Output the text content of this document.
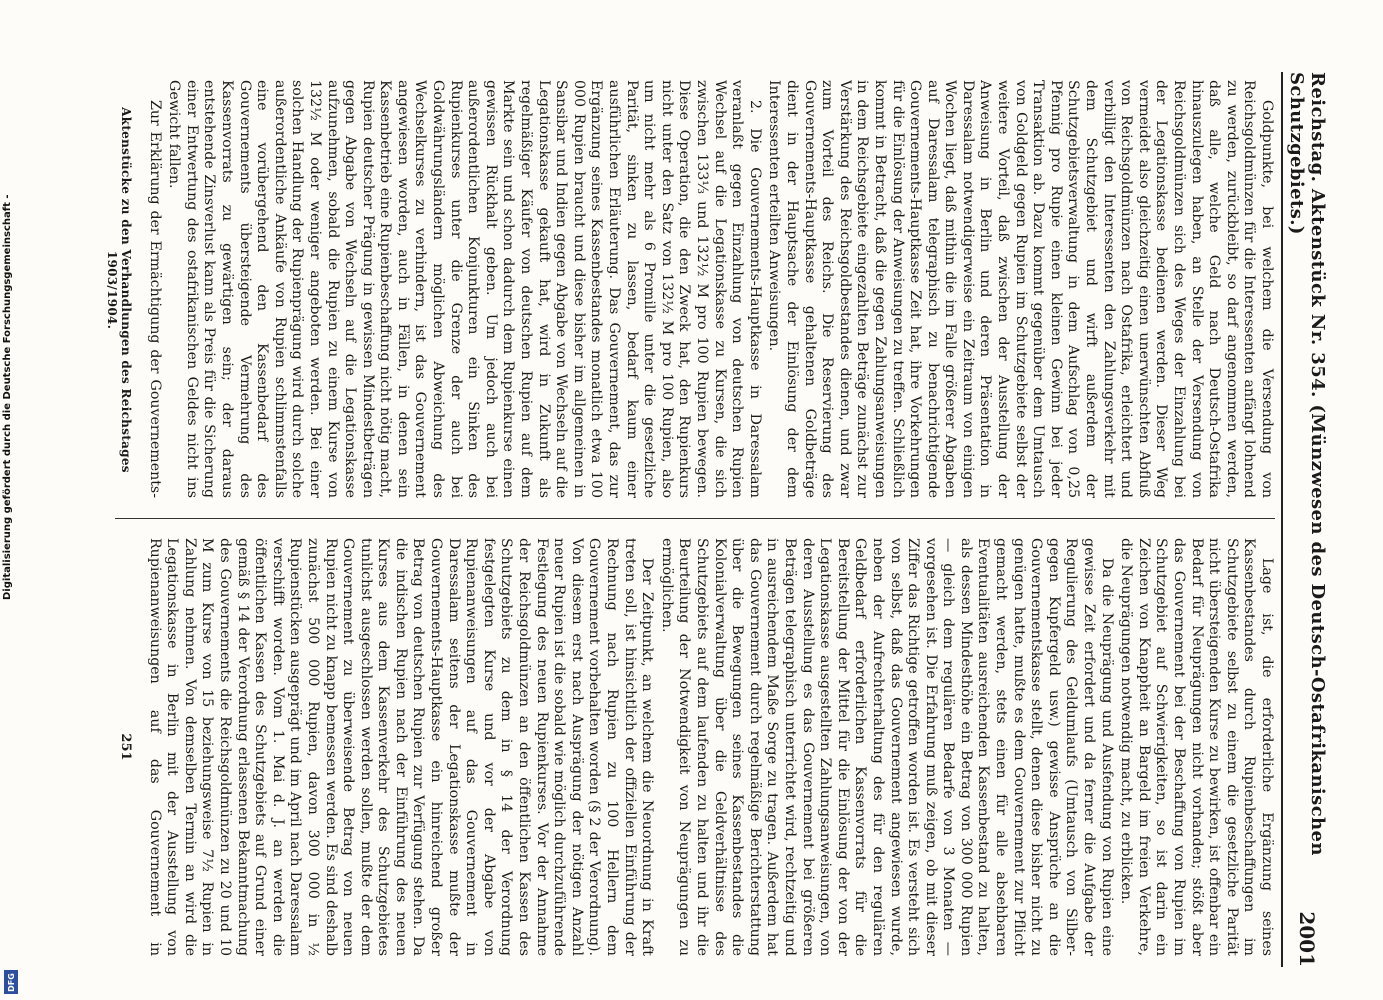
Reichstag. Aktenstück Nr. 354. (Münzwesen des Deutsch-Ostafrikanischen Schutzgebiets.)
2001

Goldpunkte, bei welchem die Versendung von Reichsgoldmünzen für die Interessenten anfängt lohnend zu werden, zurückbleibt, so darf angenommen werden, daß alle, welche Geld nach Deutsch-Ostafrika hinauszulegen haben, an Stelle der Versendung von Reichsgoldmünzen sich des Weges der Einzahlung bei der Legationskasse bedienen werden. Dieser Weg vermeidet also gleichzeitig einen unerwünschten Abfluß von Reichsgoldmünzen nach Ostafrika, erleichtert und verbilligt den Interessenten den Zahlungsverkehr mit dem Schutzgebiet und wirft außerdem der Schutzgebietsverwaltung in dem Aufschlag von 0,25 Pfennig pro Rupie einen kleinen Gewinn bei jeder Transaktion ab. Dazu kommt gegenüber dem Umtausch von Goldgeld gegen Rupien im Schutzgebiete selbst der weitere Vorteil, daß zwischen der Ausstellung der Anweisung in Berlin und deren Präsentation in Daressalam notwendigerweise ein Zeitraum von einigen Wochen liegt, daß mithin die im Falle größerer Abgaben auf Daressalam telegraphisch zu benachrichtigende Gouvernements-Hauptkasse Zeit hat, ihre Vorkehrungen für die Einlösung der Anweisungen zu treffen. Schließlich kommt in Betracht, daß die gegen Zahlungsanweisungen in dem Reichsgebiete eingezahlten Beträge zunächst zur Verstärkung des Reichsgoldbestandes dienen, und zwar zum Vorteil des Reichs. Die Reservierung des Gouvernements-Hauptkasse gehaltenen Goldbeträge dient in der Hauptsache der Einlösung der dem Interessenten erteilten Anweisungen.

2. Die Gouvernements-Hauptkasse in Daressalam veranlaßt gegen Einzahlung von deutschen Rupien Wechsel auf die Legationskasse zu Kursen, die sich zwischen 133⅓ und 132½ M pro 100 Rupien bewegen. Diese Operation, die den Zweck hat, den Rupienkurs nicht unter den Satz von 132½ M pro 100 Rupien, also um nicht mehr als 6 Promille unter die gesetzliche Parität, sinken zu lassen, bedarf kaum einer ausführlichen Erläuterung. Das Gouvernement, das zur Ergänzung seines Kassenbestandes monatlich etwa 100 000 Rupien braucht und diese bisher im allgemeinen in Sansibar und Indien gegen Abgabe von Wechseln auf die Legationskasse gekauft hat, wird in Zukunft als regelmäßiger Käufer von deutschen Rupien auf dem Markte sein und schon dadurch dem Rupienkurse einen gewissen Rückhalt geben. Um jedoch auch bei außerordentlichen Konjunkturen ein Sinken des Rupienkurses unter die Grenze der auch bei Goldwährungsländern möglichen Abweichung des Wechselkurses zu verhindern, ist das Gouvernement angewiesen worden, auch in Fällen, in denen sein Kassenbetrieb eine Rupienbeschaffung nicht nötig macht, Rupien deutscher Prägung in gewissen Mindestbeträgen gegen Abgabe von Wechseln auf die Legationskasse aufzunehmen, sobald die Rupien zu einem Kurse von 132½ M oder weniger angeboten werden. Bei einer solchen Handlung der Rupienprägung wird durch solche außerordentliche Ankäufe von Rupien schlimmstenfalls eine vorübergehend den Kassenbedarf des Gouvernements übersteigende Vermehrung des Kassenvorrats zu gewärtigen sein; der daraus entstehende Zinsverlust kann als Preis für die Sicherung einer Entwertung des ostafrikanischen Geldes nicht ins Gewicht fallen.

Zur Erklärung der Ermächtigung der Gouvernements-

Lage ist, die erforderliche Ergänzung seines Kassenbestandes durch Rupienbeschaffungen im Schutzgebiete selbst zu einem die gesetzliche Parität nicht übersteigenden Kurse zu bewirken, ist offenbar ein Bedarf für Neuprägungen nicht vorhanden; stößt aber das Gouvernement bei der Beschaffung von Rupien im Schutzgebiet auf Schwierigkeiten, so ist darin ein Zeichen von Knappheit an Bargeld im freien Verkehre, die Neuprägungen notwendig macht, zu erblicken.

Da die Neuprägung und Ausfendung von Rupien eine gewisse Zeit erfordert und da ferner die Aufgabe der Regulierung des Geldumlaufs (Umtausch von Silber- gegen Kupfergeld usw.) gewisse Ansprüche an die Gouvernementskasse stellt, denen diese bisher nicht zu genügen hatte, mußte es dem Gouvernement zur Pflicht gemacht werden, stets einen für alle absehbaren Eventualitäten ausreichenden Kassenbestand zu halten, als dessen Mindesthöhe ein Betrag von 300 000 Rupien — gleich dem regulären Bedarfe von 3 Monaten — vorgesehen ist. Die Erfahrung muß zeigen, ob mit dieser Ziffer das Richtige getroffen worden ist. Es versteht sich von selbst, daß das Gouvernement angewiesen wurde, neben der Aufrechterhaltung des für den regulären Geldbedarf erforderlichen Kassenvorrats für die Bereitstellung der Mittel für die Einlösung der von der Legationskasse ausgestellten Zahlungsanweisungen, von deren Ausstellung es das Gouvernement bei größeren Beträgen telegraphisch unterrichtet wird, rechtzeitig und in ausreichendem Maße Sorge zu tragen. Außerdem hat das Gouvernement durch regelmäßige Berichterstattung über die Bewegungen seines Kassenbestandes die Kolonialverwaltung über die Geldverhältnisse des Schutzgebiets auf dem laufenden zu halten und ihr die Beurteilung der Notwendigkeit von Neuprägungen zu ermöglichen.

Der Zeitpunkt, an welchem die Neuordnung in Kraft treten soll, ist hinsichtlich der offiziellen Einführung der Rechnung nach Rupien zu 100 Hellern dem Gouvernement vorbehalten worden (§ 2 der Verordnung). Von diesem erst nach Ausprägung der nötigen Anzahl neuer Rupien ist die sobald wie möglich durchzuführende Festlegung des neuen Rupienkurses. Vor der Annahme der Reichsgoldmünzen an den öffentlichen Kassen des Schutzgebiets zu dem in § 14 der Verordnung festgelegten Kurse und vor der Abgabe von Rupienanweisungen auf das Gouvernement in Daressalam seitens der Legationskasse mußte der Gouvernements-Hauptkasse ein hinreichend großer Betrag von deutschen Rupien zur Verfügung stehen. Da die indischen Rupien nach der Einführung des neuen Kurses aus dem Kassenverkehr des Schutzgebietes tunlichst ausgeschlossen werden sollen, mußte der dem Gouvernement zu überweisende Betrag von neuen Rupien nicht zu knapp bemessen werden. Es sind deshalb zunächst 500 000 Rupien, davon 300 000 in ½ Rupienstücken ausgeprägt und im April nach Daressalam verschifft worden. Vom 1. Mai d. J. an werden die öffentlichen Kassen des Schutzgebiets auf Grund einer gemäß § 14 der Verordnung erlassenen Bekanntmachung des Gouvernements die Reichsgoldmünzen zu 20 und 10 M zum Kurse von 15 beziehungsweise 7½ Rupien in Zahlung nehmen. Von demselben Termin an wird die Legationskasse in Berlin mit der Ausstellung von Rupienanweisungen auf das Gouvernement in

Aktenstücke zu den Verhandlungen des Reichstages 1903/1904.
251
Digitalisierung gefördert durch die Deutsche Forschungsgemeinschaft -
DFG
